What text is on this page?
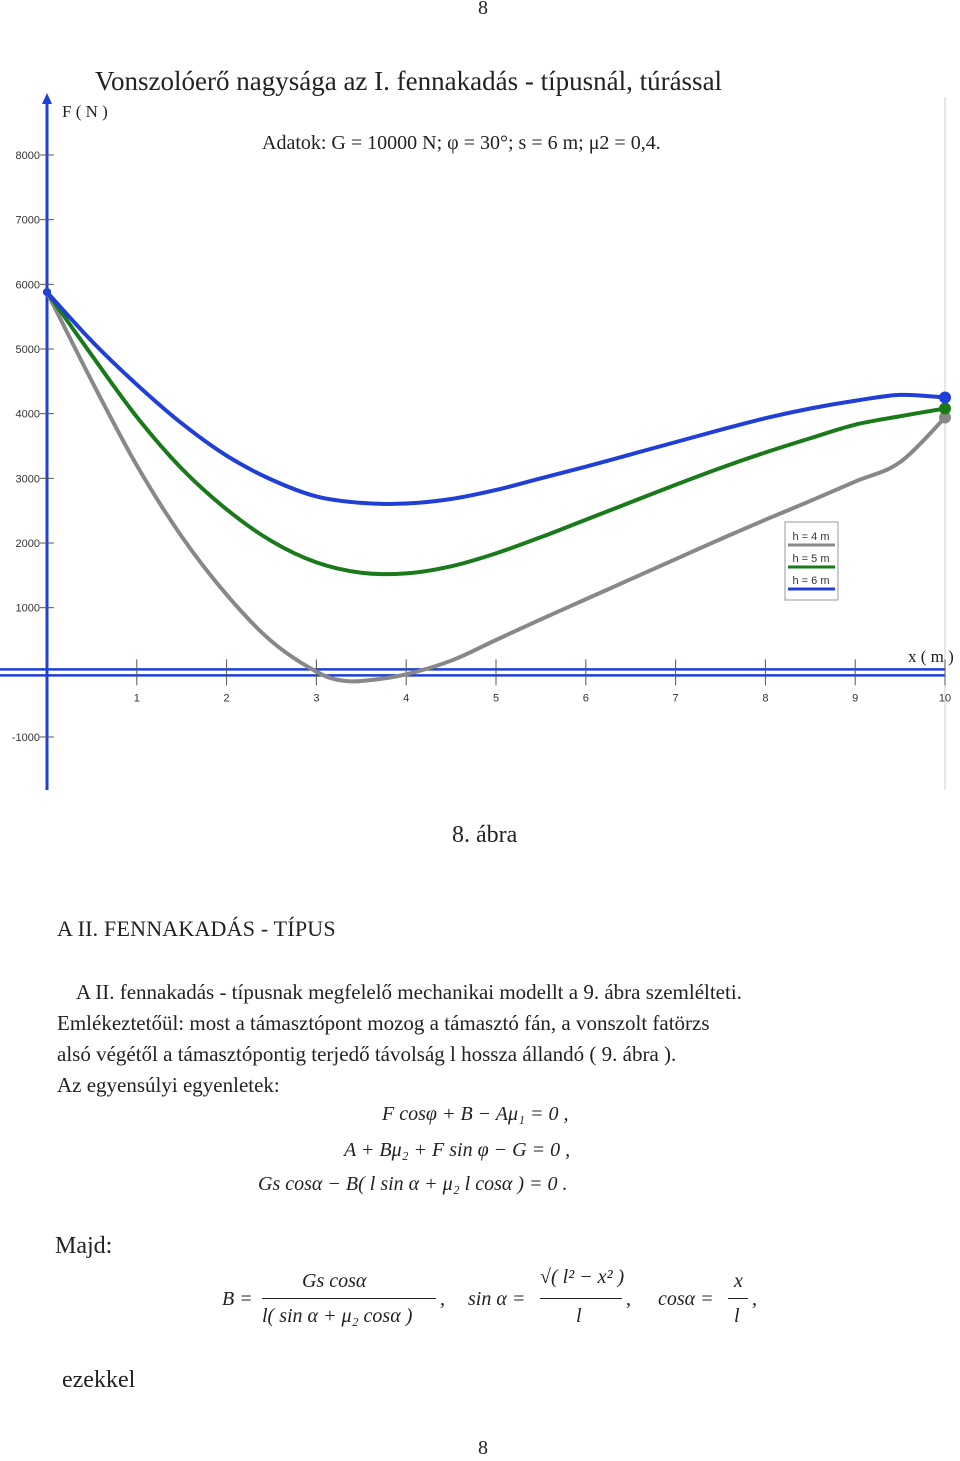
8
8000
7000
6000
5000
4000
3000
2000
1000
-1000
1	2	3	4	5	6	7	8	9	10
Vonszolóerő nagysága az I. fennakadás - típusnál, túrással
Adatok: G = 10000 N; φ = 30°; s = 6 m; μ2 = 0,4.
F ( N )
x ( m )
h = 4 m
h = 5 m
h = 6 m
8. ábra
A II. FENNAKADÁS - TÍPUS
A II. fennakadás - típusnak megfelelő mechanikai modellt a 9. ábra szemlélteti.
Emlékeztetőül: most a támasztópont mozog a támasztó fán, a vonszolt fatörzs
alsó végétől a támasztópontig terjedő távolság l hossza állandó ( 9. ábra ).
Az egyensúlyi egyenletek:
F cosφ + B − Aμ₁ = 0 ,
A + Bμ₂ + F sin φ − G = 0 ,
Gs cosα − B( l sin α + μ₂ l cosα ) = 0 .
Majd:
B =
Gs cosα
l( sin α + μ₂ cosα )
, sin α =
√( l² − x² )
l
, cosα =
x
l
,
ezekkel
8
